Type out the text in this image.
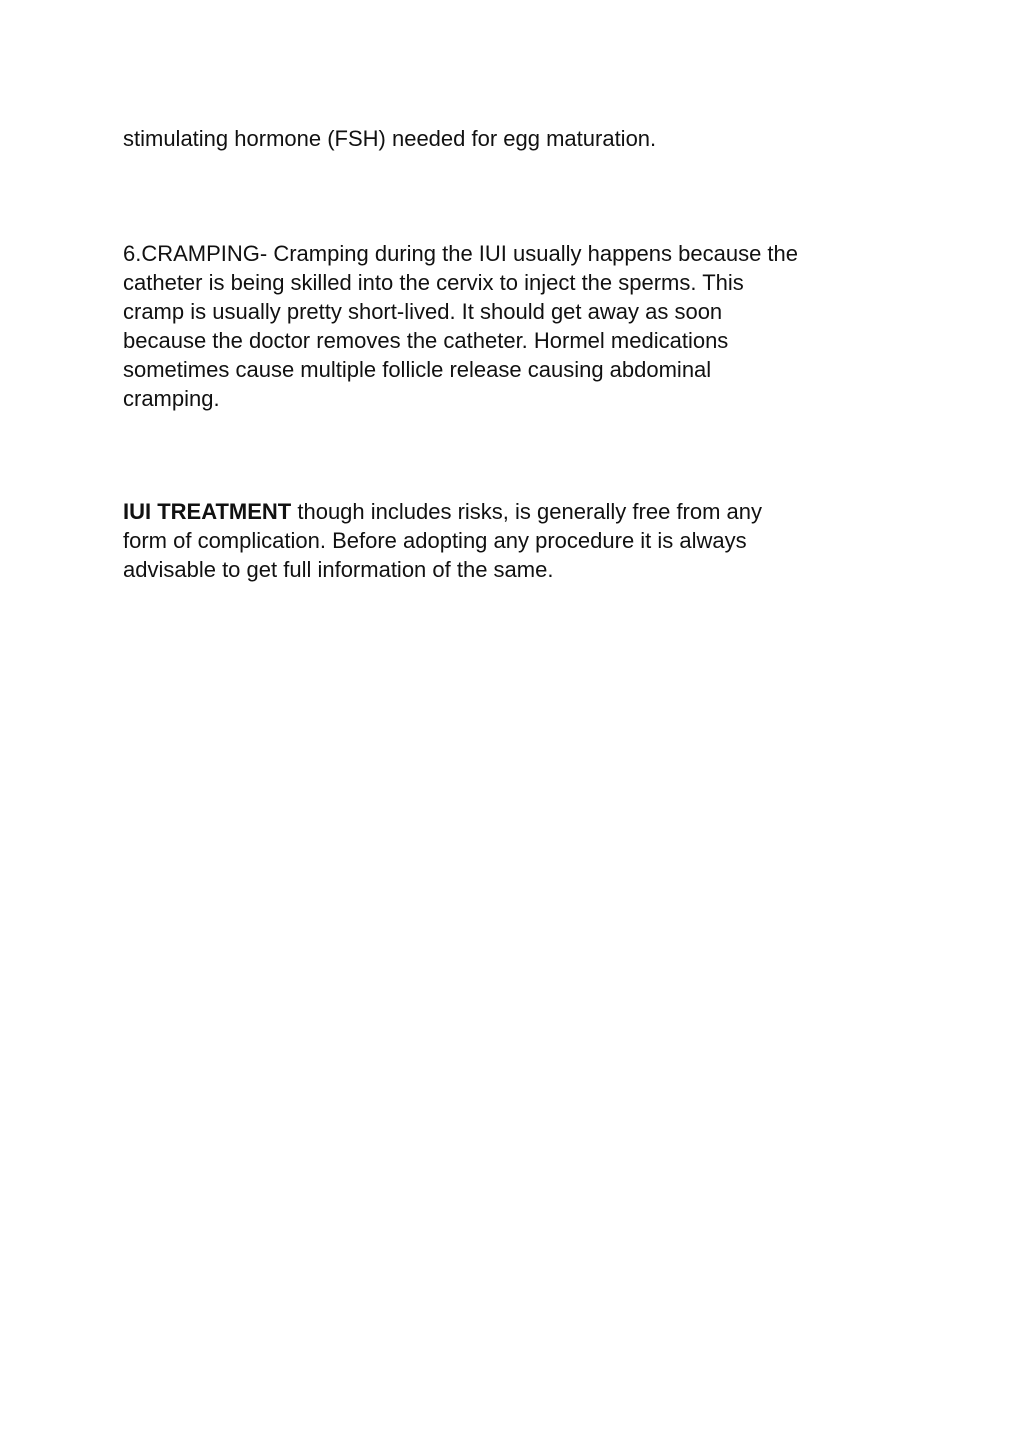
stimulating hormone (FSH) needed for egg maturation.

6.CRAMPING- Cramping during the IUI usually happens because the
catheter is being skilled into the cervix to inject the sperms. This
cramp is usually pretty short-lived. It should get away as soon
because the doctor removes the catheter. Hormel medications
sometimes cause multiple follicle release causing abdominal
cramping.

IUI TREATMENT though includes risks, is generally free from any
form of complication. Before adopting any procedure it is always
advisable to get full information of the same.
